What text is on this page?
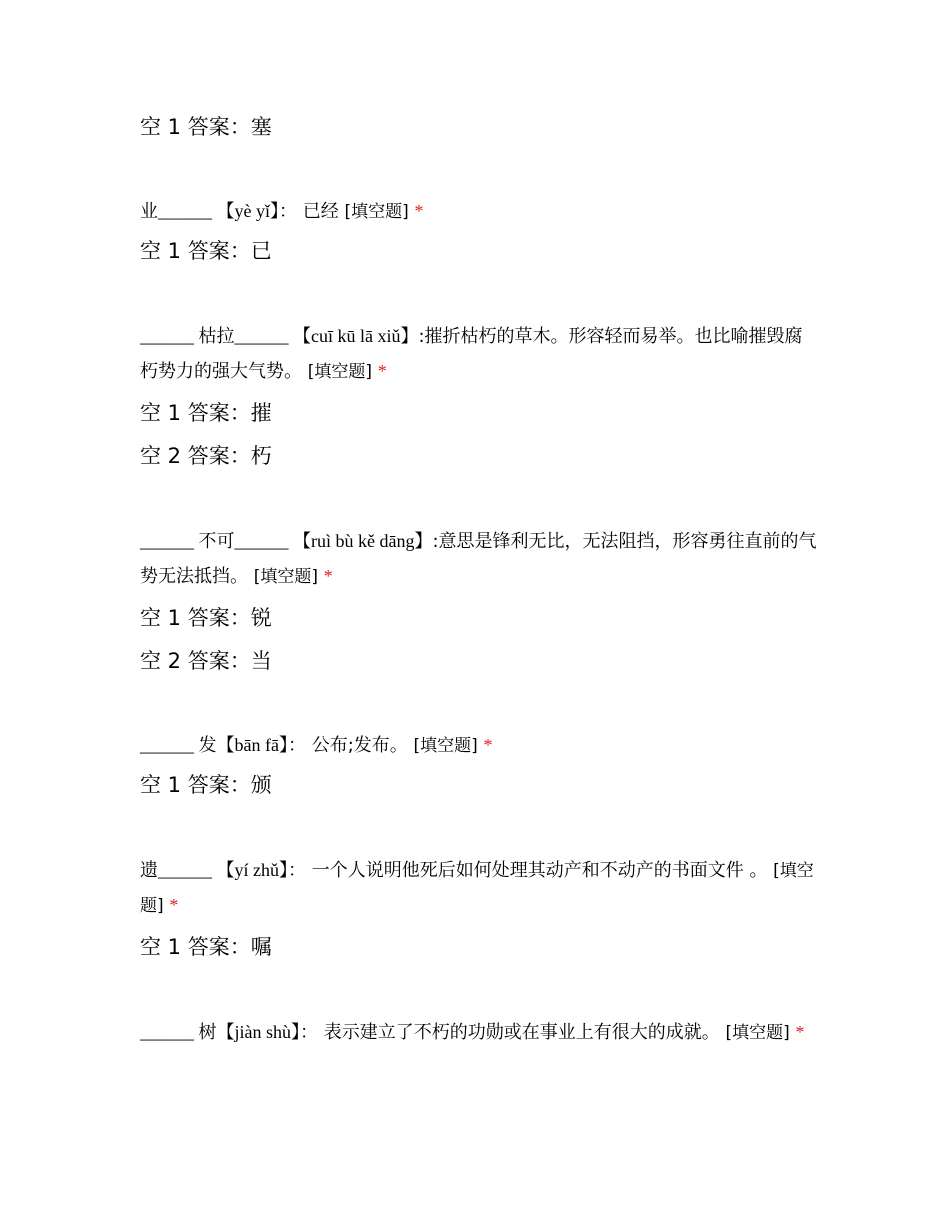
空 1 答案：塞
业______ 【yè yǐ】： 已经 [填空题] *
空 1 答案：已
______ 枯拉______ 【cuī kū lā xiǔ】:摧折枯朽的草木。形容轻而易举。也比喻摧毁腐朽势力的强大气势。 [填空题] *
空 1 答案：摧
空 2 答案：朽
______ 不可______ 【ruì bù kě dāng】:意思是锋利无比，无法阻挡，形容勇往直前的气势无法抵挡。 [填空题] *
空 1 答案：锐
空 2 答案：当
______ 发【bān fā】： 公布;发布。 [填空题] *
空 1 答案：颁
遗______ 【yí zhǔ】： 一个人说明他死后如何处理其动产和不动产的书面文件 。 [填空题] *
空 1 答案：嘱
______ 树【jiàn shù】： 表示建立了不朽的功勋或在事业上有很大的成就。 [填空题] *
